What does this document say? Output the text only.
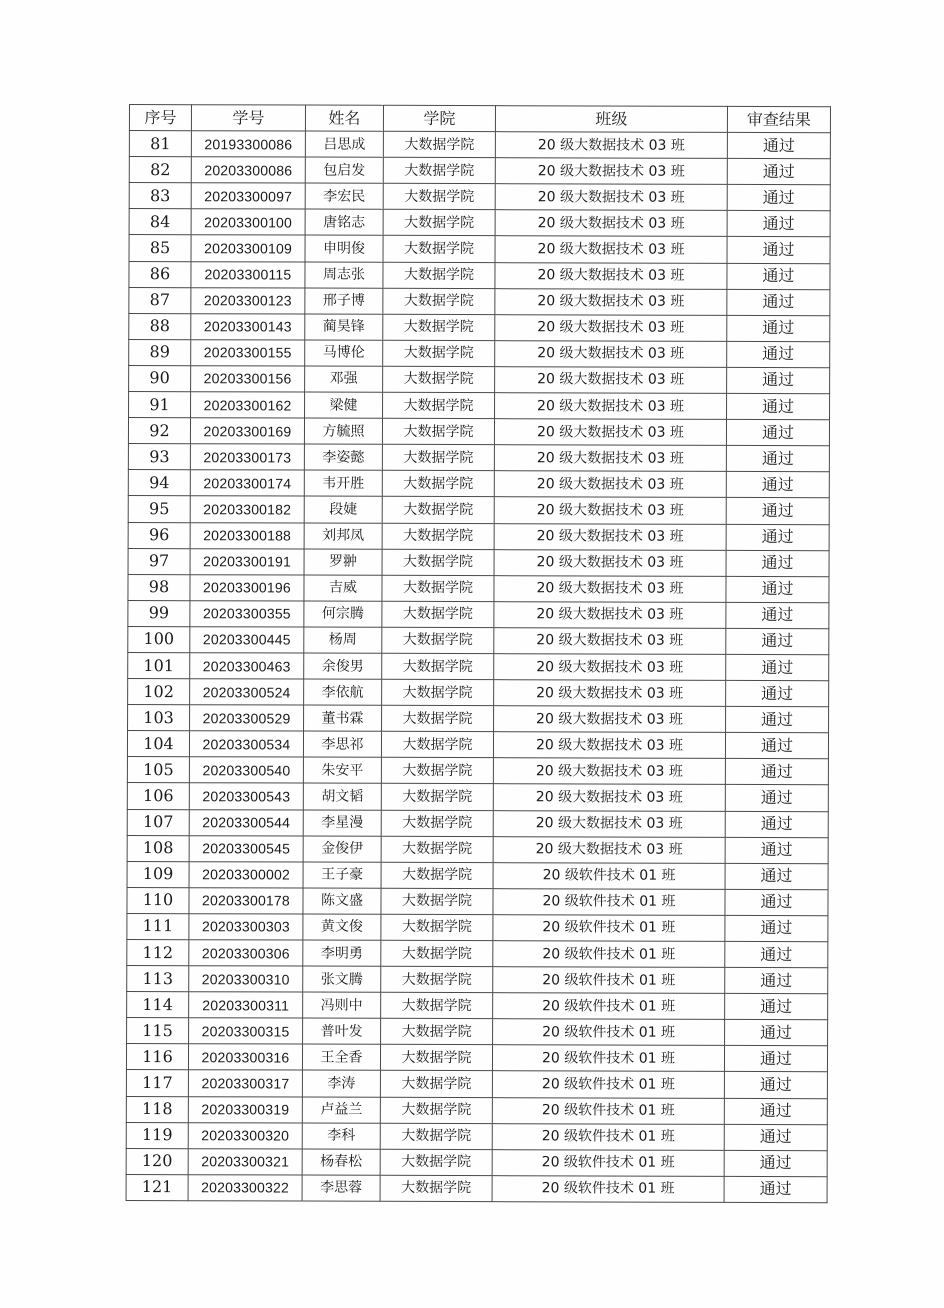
序号	学号	姓名	学院	班级	审查结果
81	20193300086	吕思成	大数据学院	20 级大数据技术 03 班	通过
82	20203300086	包启发	大数据学院	20 级大数据技术 03 班	通过
83	20203300097	李宏民	大数据学院	20 级大数据技术 03 班	通过
84	20203300100	唐铭志	大数据学院	20 级大数据技术 03 班	通过
85	20203300109	申明俊	大数据学院	20 级大数据技术 03 班	通过
86	20203300115	周志张	大数据学院	20 级大数据技术 03 班	通过
87	20203300123	邢子博	大数据学院	20 级大数据技术 03 班	通过
88	20203300143	蔺昊锋	大数据学院	20 级大数据技术 03 班	通过
89	20203300155	马博伦	大数据学院	20 级大数据技术 03 班	通过
90	20203300156	邓强	大数据学院	20 级大数据技术 03 班	通过
91	20203300162	梁健	大数据学院	20 级大数据技术 03 班	通过
92	20203300169	方毓照	大数据学院	20 级大数据技术 03 班	通过
93	20203300173	李姿懿	大数据学院	20 级大数据技术 03 班	通过
94	20203300174	韦开胜	大数据学院	20 级大数据技术 03 班	通过
95	20203300182	段婕	大数据学院	20 级大数据技术 03 班	通过
96	20203300188	刘邦凤	大数据学院	20 级大数据技术 03 班	通过
97	20203300191	罗翀	大数据学院	20 级大数据技术 03 班	通过
98	20203300196	吉威	大数据学院	20 级大数据技术 03 班	通过
99	20203300355	何宗腾	大数据学院	20 级大数据技术 03 班	通过
100	20203300445	杨周	大数据学院	20 级大数据技术 03 班	通过
101	20203300463	余俊男	大数据学院	20 级大数据技术 03 班	通过
102	20203300524	李依航	大数据学院	20 级大数据技术 03 班	通过
103	20203300529	董书霖	大数据学院	20 级大数据技术 03 班	通过
104	20203300534	李思祁	大数据学院	20 级大数据技术 03 班	通过
105	20203300540	朱安平	大数据学院	20 级大数据技术 03 班	通过
106	20203300543	胡文韬	大数据学院	20 级大数据技术 03 班	通过
107	20203300544	李星漫	大数据学院	20 级大数据技术 03 班	通过
108	20203300545	金俊伊	大数据学院	20 级大数据技术 03 班	通过
109	20203300002	王子豪	大数据学院	20 级软件技术 01 班	通过
110	20203300178	陈文盛	大数据学院	20 级软件技术 01 班	通过
111	20203300303	黄文俊	大数据学院	20 级软件技术 01 班	通过
112	20203300306	李明勇	大数据学院	20 级软件技术 01 班	通过
113	20203300310	张文腾	大数据学院	20 级软件技术 01 班	通过
114	20203300311	冯则中	大数据学院	20 级软件技术 01 班	通过
115	20203300315	普叶发	大数据学院	20 级软件技术 01 班	通过
116	20203300316	王全香	大数据学院	20 级软件技术 01 班	通过
117	20203300317	李涛	大数据学院	20 级软件技术 01 班	通过
118	20203300319	卢益兰	大数据学院	20 级软件技术 01 班	通过
119	20203300320	李科	大数据学院	20 级软件技术 01 班	通过
120	20203300321	杨春松	大数据学院	20 级软件技术 01 班	通过
121	20203300322	李思蓉	大数据学院	20 级软件技术 01 班	通过
